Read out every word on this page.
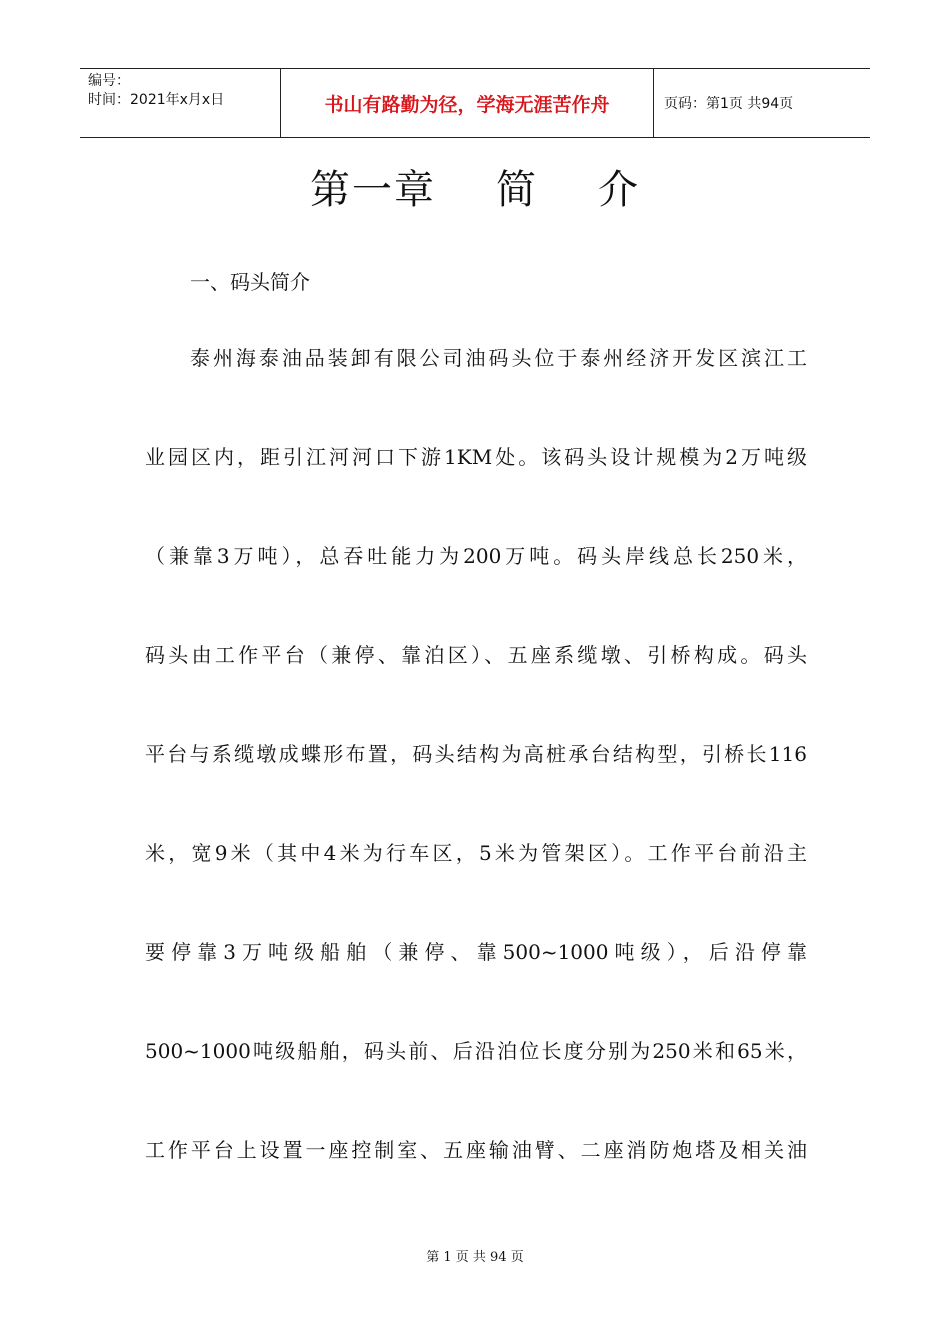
编号：
时间：2021年x月x日	书山有路勤为径，学海无涯苦作舟	页码：第1页 共94页
第一章 简 介
一、码头简介
泰州海泰油品装卸有限公司油码头位于泰州经济开发区滨江工
业园区内，距引江河河口下游1KM处。该码头设计规模为2万吨级
（兼靠3万吨），总吞吐能力为200万吨。码头岸线总长250米，
码头由工作平台（兼停、靠泊区）、五座系缆墩、引桥构成。码头
平台与系缆墩成蝶形布置，码头结构为高桩承台结构型，引桥长116
米，宽9米（其中4米为行车区，5米为管架区）。工作平台前沿主
要停靠3万吨级船舶（兼停、靠500~1000吨级），后沿停靠
500~1000吨级船舶，码头前、后沿泊位长度分别为250米和65米，
工作平台上设置一座控制室、五座输油臂、二座消防炮塔及相关油
第 1 页 共 94 页
